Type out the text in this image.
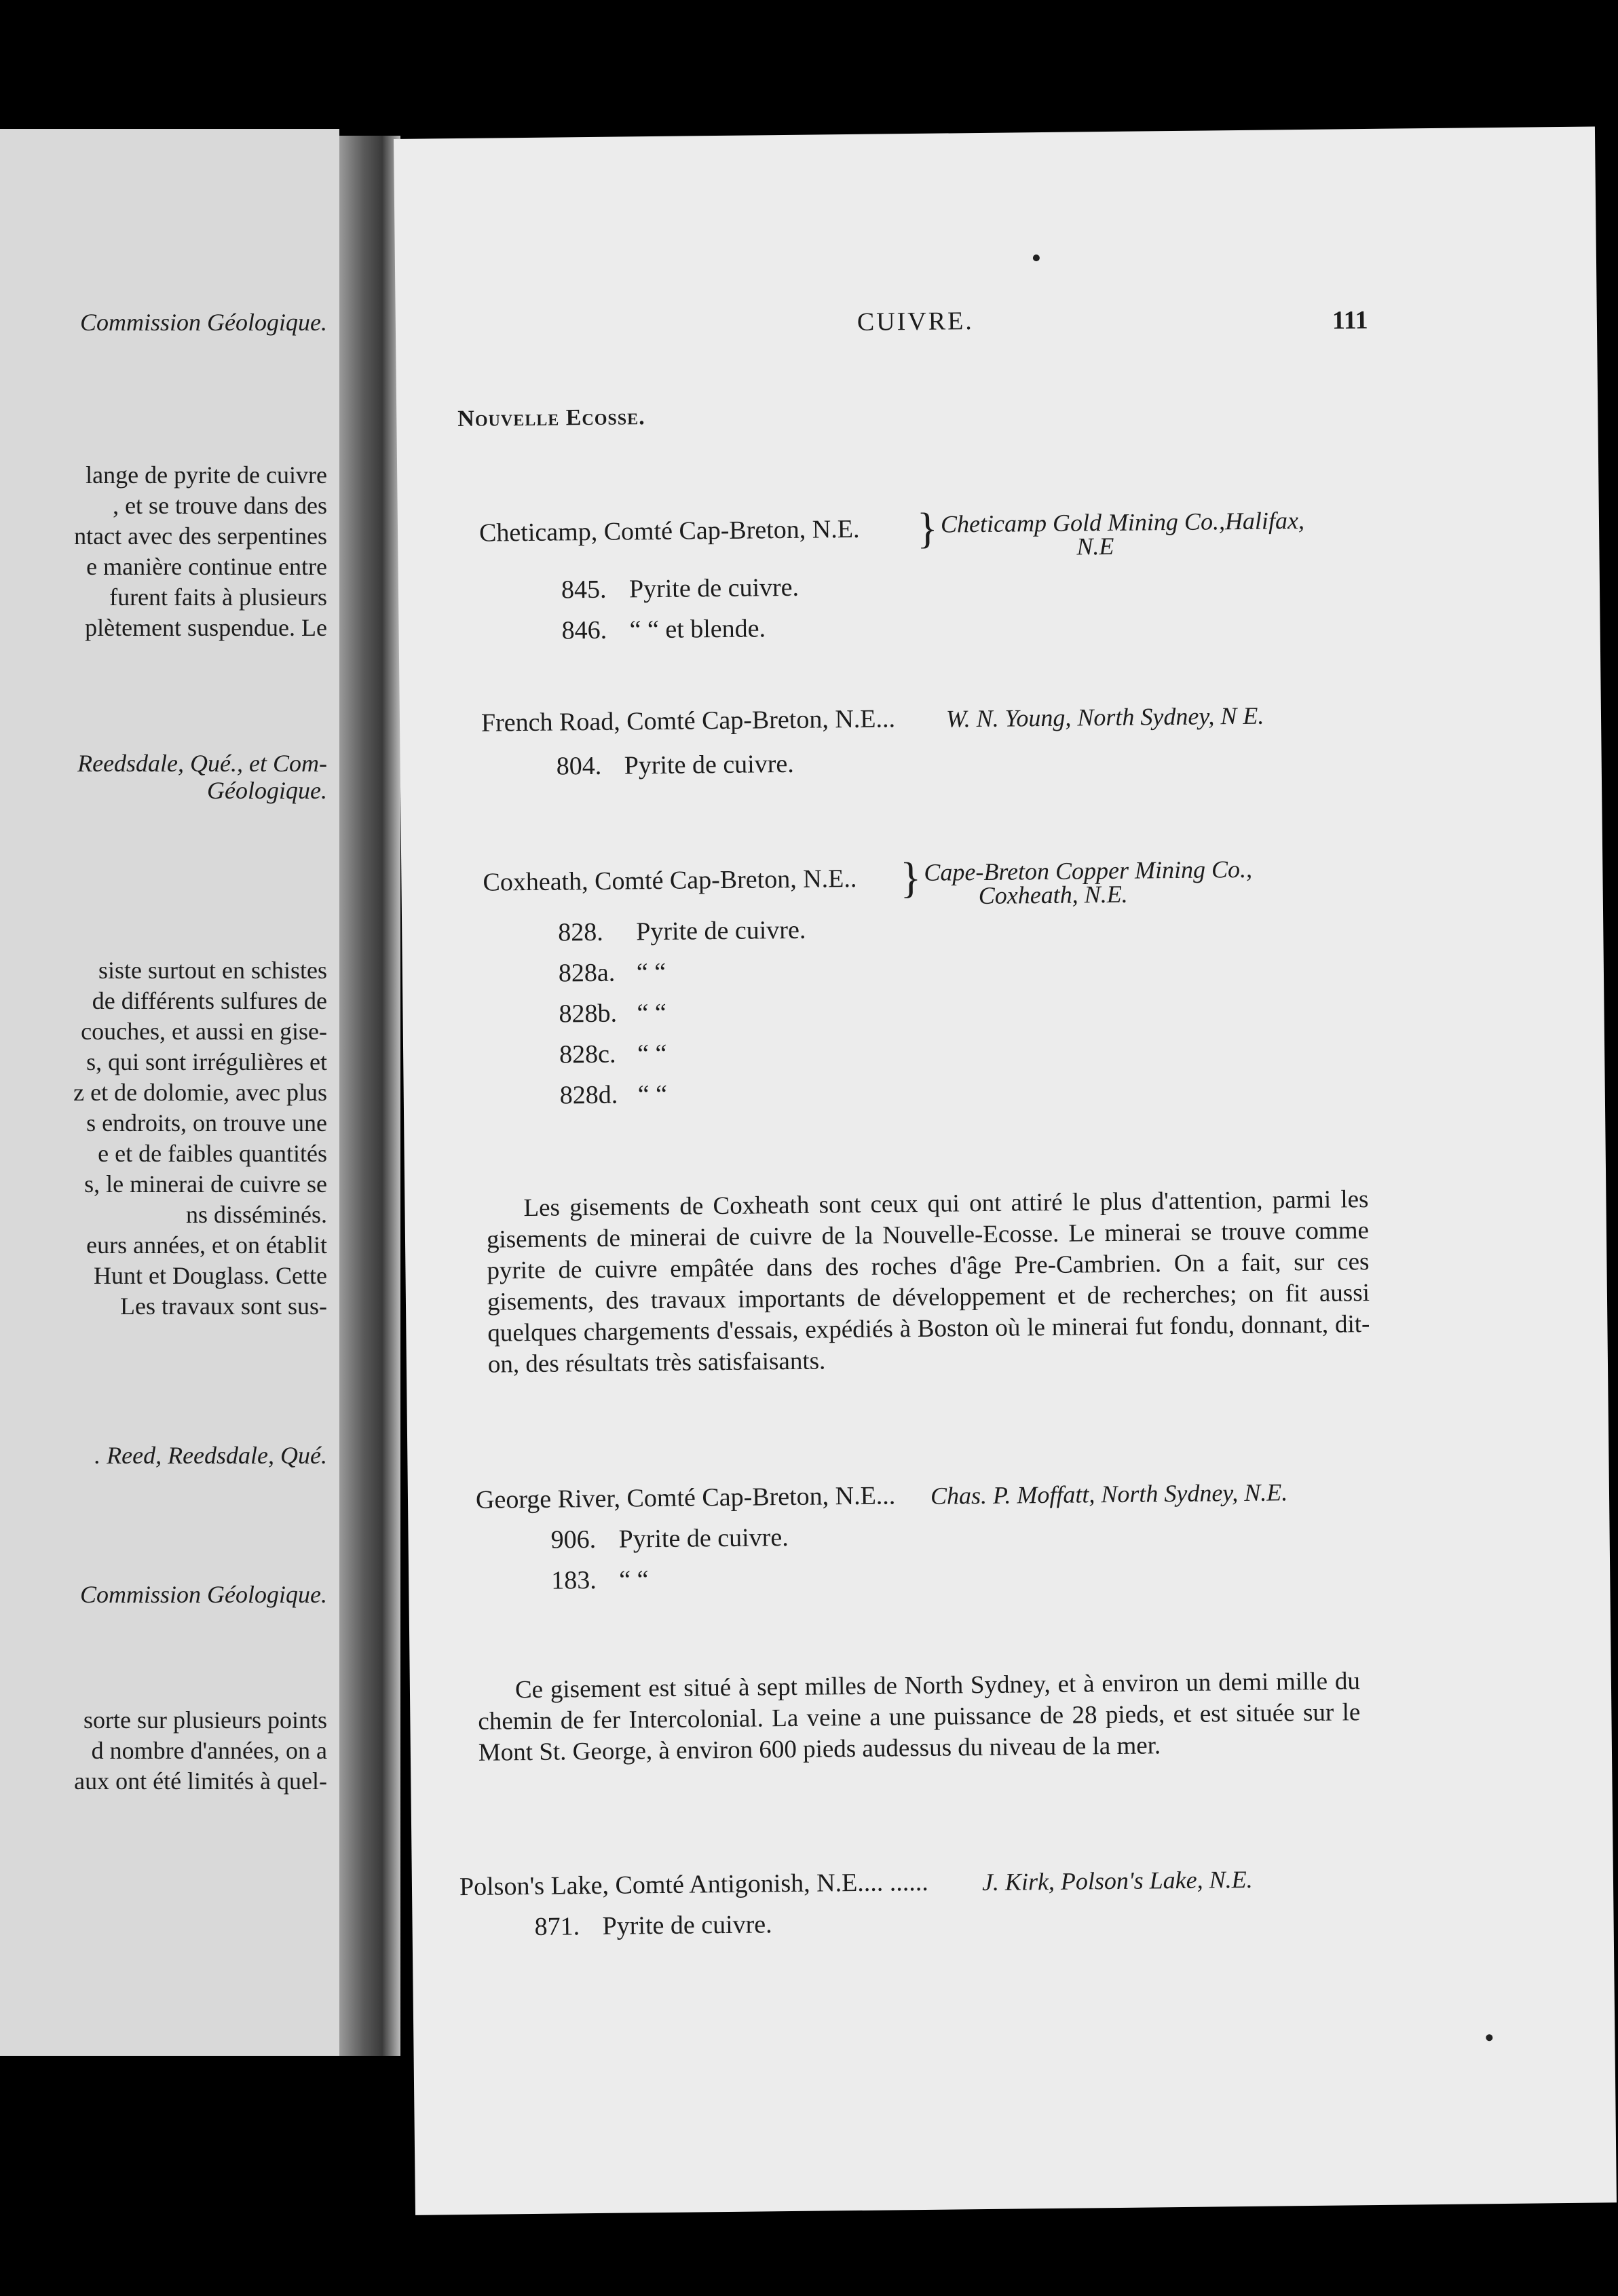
Commission Géologique.
lange de pyrite de cuivre
, et se trouve dans des
ntact avec des serpentines
e manière continue entre
furent faits à plusieurs
plètement suspendue. Le
Reedsdale, Qué., et Com-
Géologique.
siste surtout en schistes
de différents sulfures de
couches, et aussi en gise-
s, qui sont irrégulières et
z et de dolomie, avec plus
s endroits, on trouve une
e et de faibles quantités
s, le minerai de cuivre se
ns disséminés.
eurs années, et on établit
Hunt et Douglass. Cette
Les travaux sont sus-
. Reed, Reedsdale, Qué.
Commission Géologique.
sorte sur plusieurs points
d nombre d'années, on a
aux ont été limités à quel-
CUIVRE.	111
Nouvelle Ecosse.
Cheticamp, Comté Cap-Breton, N.E. } Cheticamp Gold Mining Co.,Halifax,
N.E
845. Pyrite de cuivre.
846. “ “ et blende.
French Road, Comté Cap-Breton, N.E... W. N. Young, North Sydney, N E.
804. Pyrite de cuivre.
Coxheath, Comté Cap-Breton, N.E.. } Cape-Breton Copper Mining Co.,
Coxheath, N.E.
828. Pyrite de cuivre.
828a. “ “
828b. “ “
828c. “ “
828d. “ “
Les gisements de Coxheath sont ceux qui ont attiré le plus d'attention, parmi les gisements de minerai de cuivre de la Nouvelle-Ecosse. Le minerai se trouve comme pyrite de cuivre empâtée dans des roches d'âge Pre-Cambrien. On a fait, sur ces gisements, des travaux importants de développement et de recherches; on fit aussi quelques chargements d'essais, expédiés à Boston où le minerai fut fondu, donnant, dit-on, des résultats très satisfaisants.
George River, Comté Cap-Breton, N.E... Chas. P. Moffatt, North Sydney, N.E.
906. Pyrite de cuivre.
183. “ “
Ce gisement est situé à sept milles de North Sydney, et à environ un demi mille du chemin de fer Intercolonial. La veine a une puissance de 28 pieds, et est située sur le Mont St. George, à environ 600 pieds audessus du niveau de la mer.
Polson's Lake, Comté Antigonish, N.E.... ...... J. Kirk, Polson's Lake, N.E.
871. Pyrite de cuivre.
